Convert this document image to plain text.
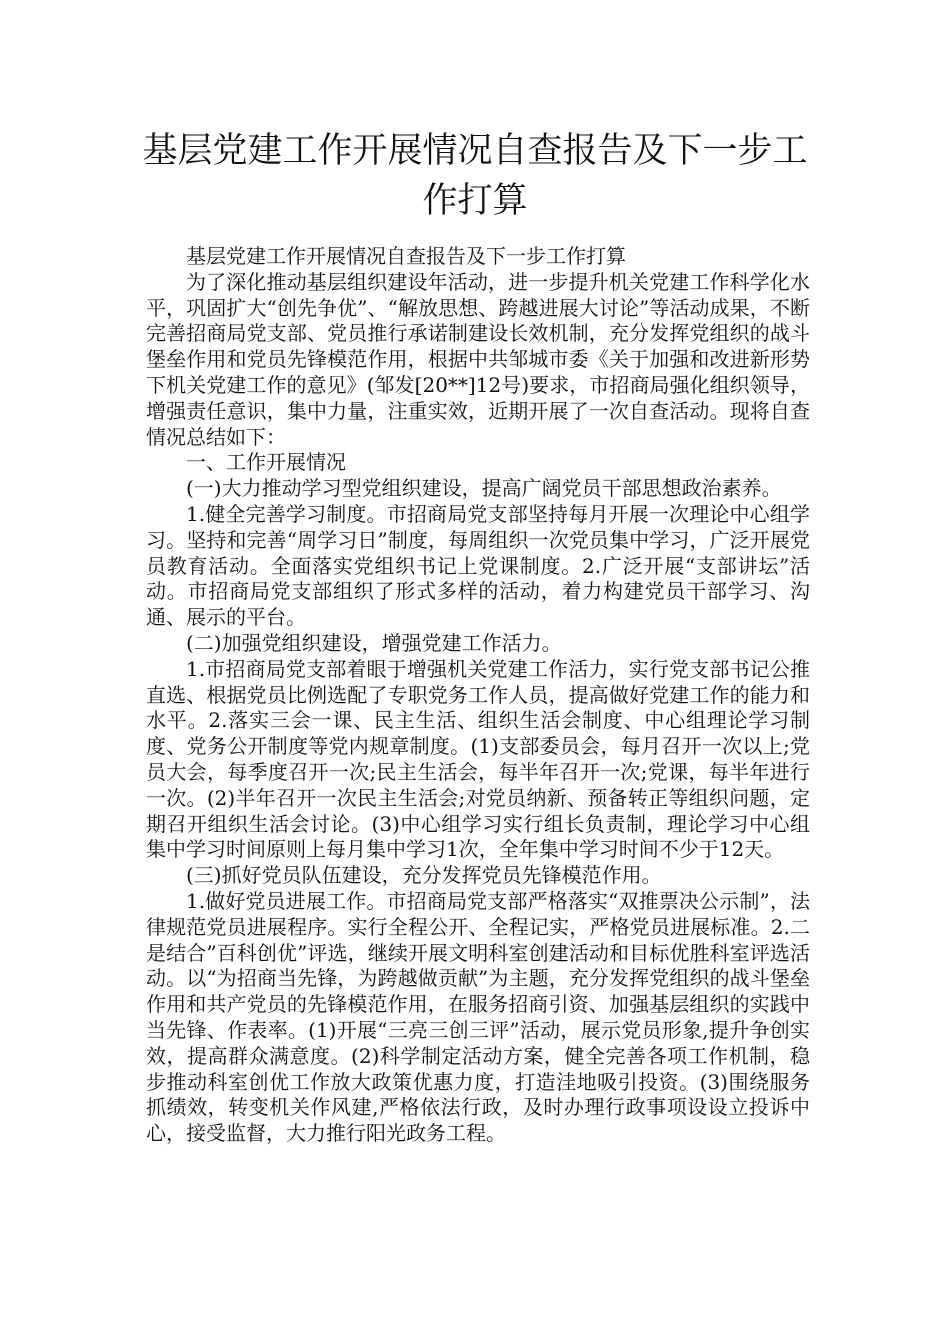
基层党建工作开展情况自查报告及下一步工作打算

基层党建工作开展情况自查报告及下一步工作打算

为了深化推动基层组织建设年活动，进一步提升机关党建工作科学化水平，巩固扩大“创先争优”、“解放思想、跨越进展大讨论”等活动成果，不断完善招商局党支部、党员推行承诺制建设长效机制，充分发挥党组织的战斗堡垒作用和党员先锋模范作用，根据中共邹城市委《关于加强和改进新形势下机关党建工作的意见》(邹发[20**]12号)要求，市招商局强化组织领导，增强责任意识，集中力量，注重实效，近期开展了一次自查活动。现将自查情况总结如下：

一、工作开展情况

(一)大力推动学习型党组织建设，提高广阔党员干部思想政治素养。

1.健全完善学习制度。市招商局党支部坚持每月开展一次理论中心组学习。坚持和完善“周学习日”制度，每周组织一次党员集中学习，广泛开展党员教育活动。全面落实党组织书记上党课制度。2.广泛开展“支部讲坛”活动。市招商局党支部组织了形式多样的活动，着力构建党员干部学习、沟通、展示的平台。

(二)加强党组织建设，增强党建工作活力。

1.市招商局党支部着眼于增强机关党建工作活力，实行党支部书记公推直选、根据党员比例选配了专职党务工作人员，提高做好党建工作的能力和水平。2.落实三会一课、民主生活、组织生活会制度、中心组理论学习制度、党务公开制度等党内规章制度。(1)支部委员会，每月召开一次以上;党员大会，每季度召开一次;民主生活会，每半年召开一次;党课，每半年进行一次。(2)半年召开一次民主生活会;对党员纳新、预备转正等组织问题，定期召开组织生活会讨论。(3)中心组学习实行组长负责制，理论学习中心组集中学习时间原则上每月集中学习1次，全年集中学习时间不少于12天。

(三)抓好党员队伍建设，充分发挥党员先锋模范作用。

1.做好党员进展工作。市招商局党支部严格落实“双推票决公示制”，法律规范党员进展程序。实行全程公开、全程记实，严格党员进展标准。2.二是结合”百科创优”评选，继续开展文明科室创建活动和目标优胜科室评选活动。以“为招商当先锋，为跨越做贡献”为主题，充分发挥党组织的战斗堡垒作用和共产党员的先锋模范作用，在服务招商引资、加强基层组织的实践中当先锋、作表率。(1)开展“三亮三创三评”活动，展示党员形象,提升争创实效，提高群众满意度。(2)科学制定活动方案，健全完善各项工作机制，稳步推动科室创优工作放大政策优惠力度，打造洼地吸引投资。(3)围绕服务抓绩效，转变机关作风建,严格依法行政，及时办理行政事项设设立投诉中心，接受监督，大力推行阳光政务工程。
